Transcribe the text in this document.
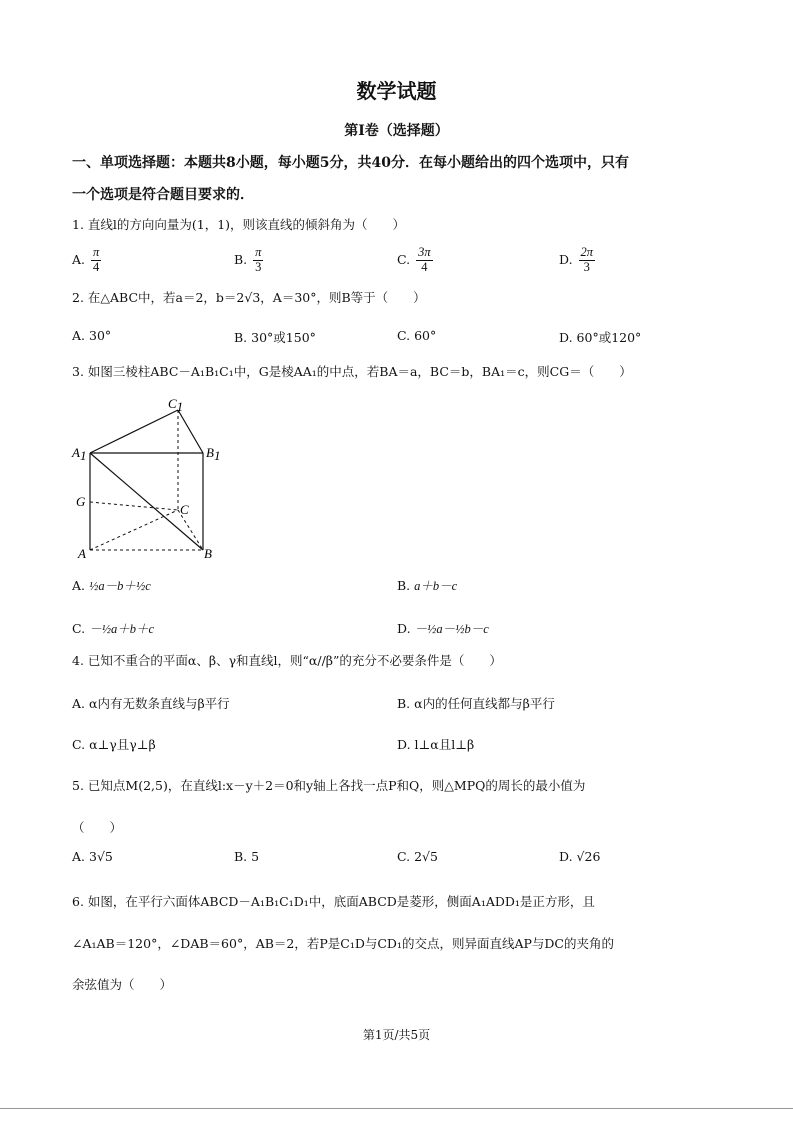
数学试题
第I卷（选择题）
一、单项选择题：本题共8小题，每小题5分，共40分．在每小题给出的四个选项中，只有
一个选项是符合题目要求的．
1. 直线l的方向向量为(1，1)，则该直线的倾斜角为（　　）
A. $\frac{\pi}{4}$	B. $\frac{\pi}{3}$	C. $\frac{3\pi}{4}$	D. $\frac{2\pi}{3}$
2. 在△ABC中，若a＝2，b＝2√3，A＝30°，则B等于（　　）
A. 30°	B. 30°或150°	C. 60°	D. 60°或120°
3. 如图三棱柱ABC－A₁B₁C₁中，G是棱AA₁的中点，若BA＝a，BC＝b，BA₁＝c，则CG＝（　　）
C1
A1	B1
G
C
A	B
A. ½a－b＋½c	B. a＋b－c
C. －½a＋b＋c	D. －½a－½b－c
4. 已知不重合的平面α、β、γ和直线l，则“α//β”的充分不必要条件是（　　）
A. α内有无数条直线与β平行	B. α内的任何直线都与β平行
C. α⊥γ且γ⊥β	D. l⊥α且l⊥β
5. 已知点M(2,5)，在直线l:x－y＋2＝0和y轴上各找一点P和Q，则△MPQ的周长的最小值为
（　　）
A. 3√5	B. 5	C. 2√5	D. √26
6. 如图，在平行六面体ABCD－A₁B₁C₁D₁中，底面ABCD是菱形，侧面A₁ADD₁是正方形，且
∠A₁AB＝120°，∠DAB＝60°，AB＝2，若P是C₁D与CD₁的交点，则异面直线AP与DC的夹角的
余弦值为（　　）
第1页/共5页
